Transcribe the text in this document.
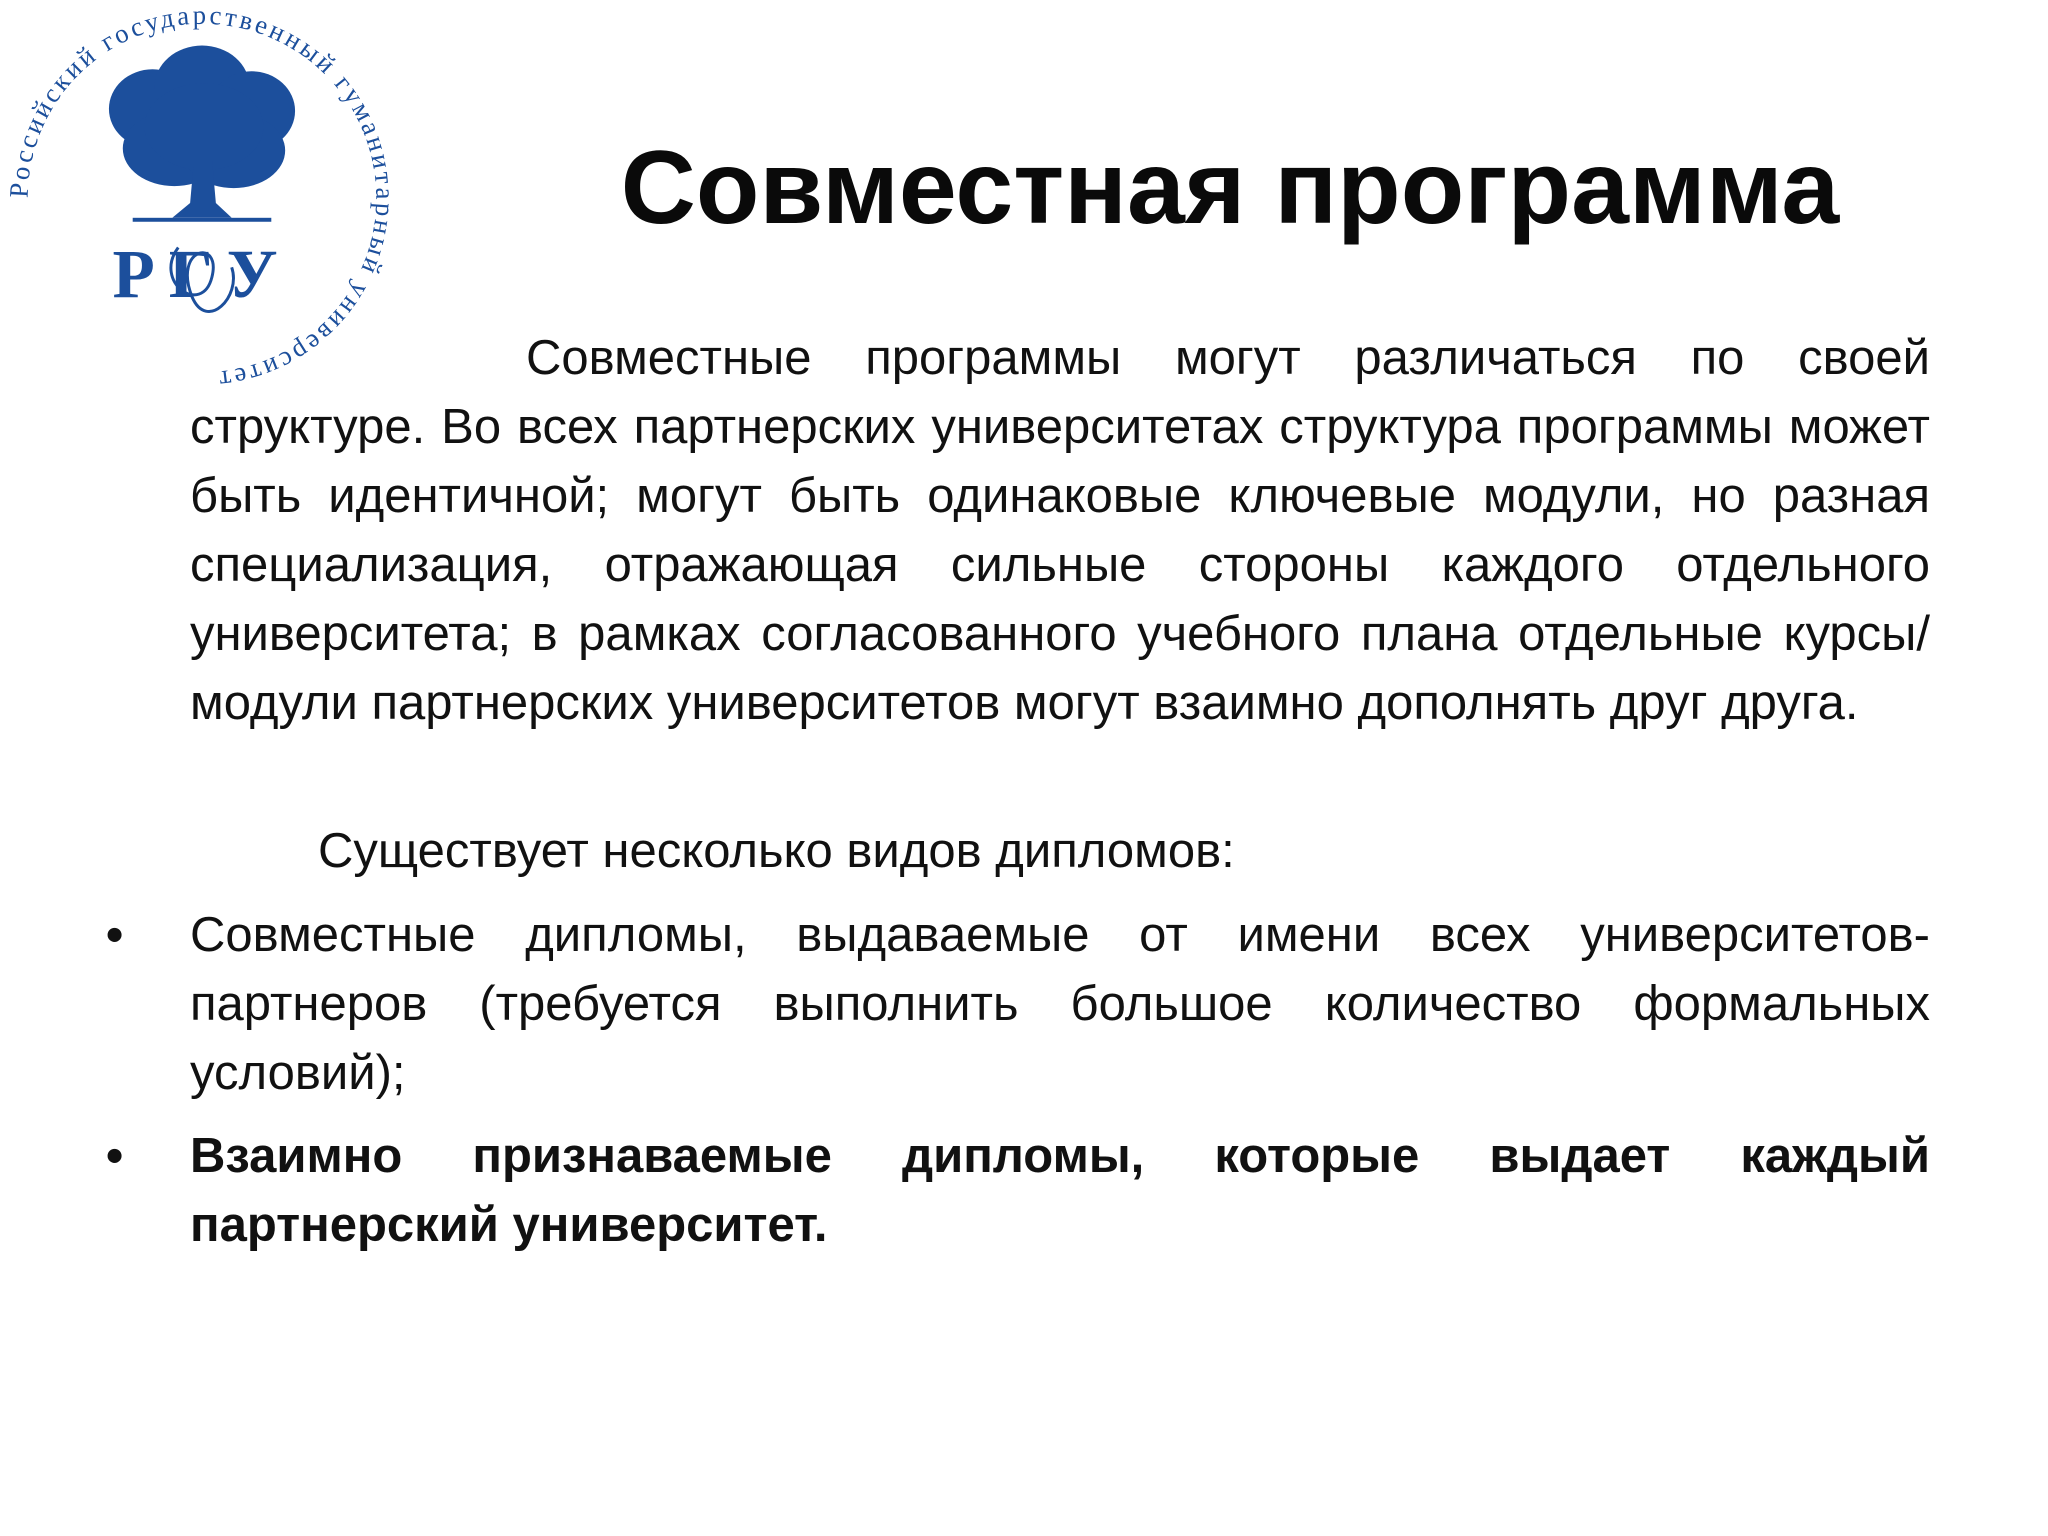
Российский государственный гуманитарный университет
РГУ
Совместная программа

Совместные программы могут различаться по своей структуре. Во всех партнерских университетах структура программы может быть идентичной; могут быть одинаковые ключевые модули, но разная специализация, отражающая сильные стороны каждого отдельного университета; в рамках согласованного учебного плана отдельные курсы/модули партнерских университетов могут взаимно дополнять друг друга.

Существует несколько видов дипломов:

• Совместные дипломы, выдаваемые от имени всех университетов-партнеров (требуется выполнить большое количество формальных условий);
• Взаимно признаваемые дипломы, которые выдает каждый партнерский университет.
